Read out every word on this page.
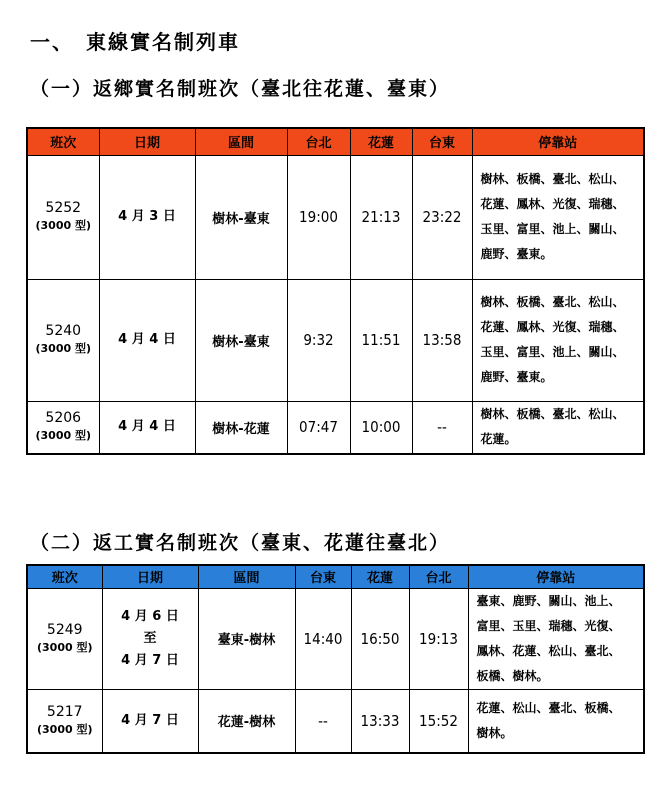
一、　東線實名制列車
（一）返鄉實名制班次（臺北往花蓮、臺東）
班次	日期	區間	台北	花蓮	台東	停靠站

5252
(3000 型)	4 月 3 日	樹林-臺東	19:00	21:13	23:22	樹林、板橋、臺北、松山、
花蓮、鳳林、光復、瑞穗、
玉里、富里、池上、關山、
鹿野、臺東。

5240
(3000 型)	4 月 4 日	樹林-臺東	9:32	11:51	13:58	樹林、板橋、臺北、松山、
花蓮、鳳林、光復、瑞穗、
玉里、富里、池上、關山、
鹿野、臺東。

5206
(3000 型)	4 月 4 日	樹林-花蓮	07:47	10:00	--	樹林、板橋、臺北、松山、
花蓮。
（二）返工實名制班次（臺東、花蓮往臺北）
班次	日期	區間	台東	花蓮	台北	停靠站

5249
(3000 型)	4 月 6 日
至
4 月 7 日	臺東-樹林	14:40	16:50	19:13	臺東、鹿野、關山、池上、
富里、玉里、瑞穗、光復、
鳳林、花蓮、松山、臺北、
板橋、樹林。

5217
(3000 型)	4 月 7 日	花蓮-樹林	--	13:33	15:52	花蓮、松山、臺北、板橋、
樹林。
